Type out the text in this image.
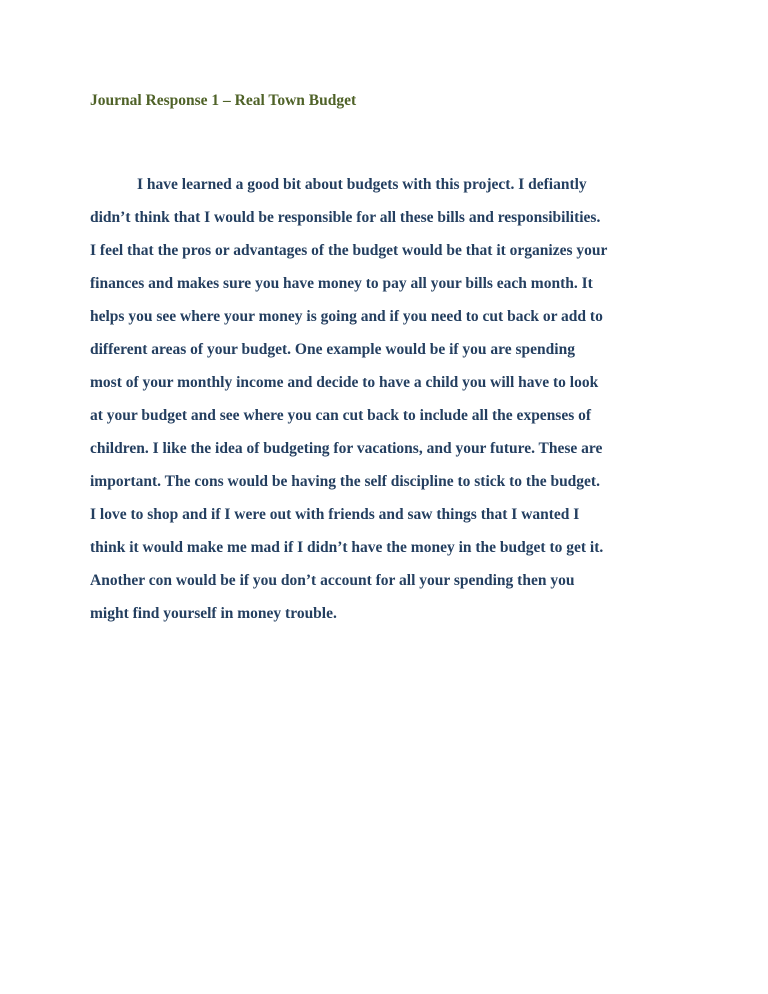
Journal Response 1 – Real Town Budget
I have learned a good bit about budgets with this project. I defiantly
didn’t think that I would be responsible for all these bills and responsibilities.
I feel that the pros or advantages of the budget would be that it organizes your
finances and makes sure you have money to pay all your bills each month. It
helps you see where your money is going and if you need to cut back or add to
different areas of your budget. One example would be if you are spending
most of your monthly income and decide to have a child you will have to look
at your budget and see where you can cut back to include all the expenses of
children. I like the idea of budgeting for vacations, and your future. These are
important. The cons would be having the self discipline to stick to the budget.
I love to shop and if I were out with friends and saw things that I wanted I
think it would make me mad if I didn’t have the money in the budget to get it.
Another con would be if you don’t account for all your spending then you
might find yourself in money trouble.
